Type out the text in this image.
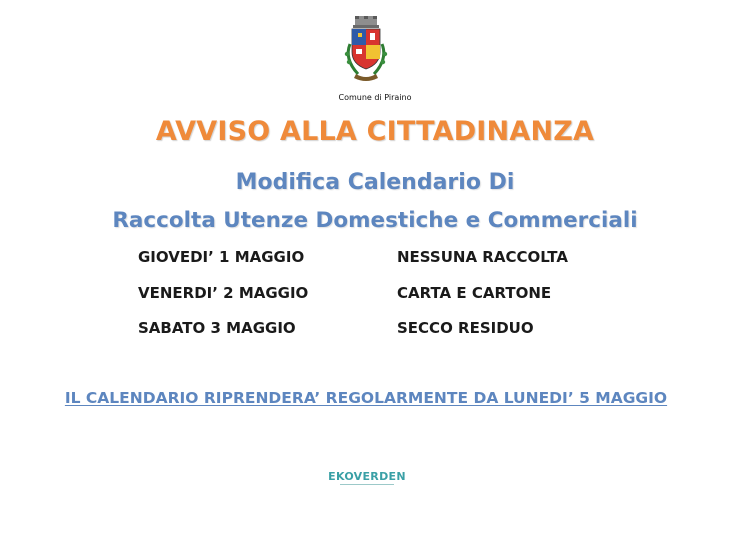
Comune di Piraino
AVVISO ALLA CITTADINANZA
Modifica Calendario Di
Raccolta Utenze Domestiche e Commerciali
GIOVEDI’ 1 MAGGIO	NESSUNA RACCOLTA
VENERDI’ 2 MAGGIO	CARTA E CARTONE
SABATO 3 MAGGIO	SECCO RESIDUO
IL CALENDARIO RIPRENDERA’ REGOLARMENTE DA LUNEDI’ 5 MAGGIO
EKOVERDEN
